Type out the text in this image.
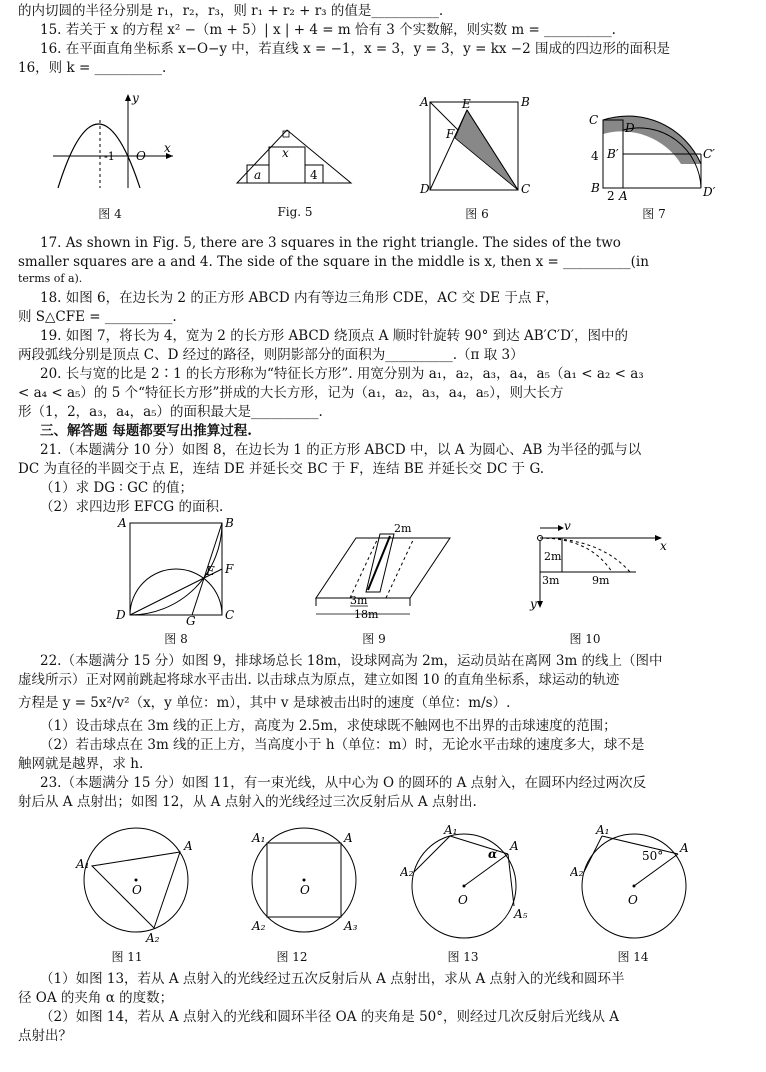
的内切圆的半径分别是 r₁，r₂，r₃，则 r₁ + r₂ + r₃ 的值是__________.
15. 若关于 x 的方程 x² −（m + 5）| x | + 4 = m 恰有 3 个实数解，则实数 m = __________.
16. 在平面直角坐标系 x−O−y 中，若直线 x = −1，x = 3，y = 3，y = kx −2 围成的四边形的面积是
16，则 k = __________.
y
x
-1 O
图 4
x
a	4
Fig. 5
A	B
C
D
E
F
图 6
C
D
B′	C′
D′
B
A
4
2
图 7
17. As shown in Fig. 5, there are 3 squares in the right triangle. The sides of the two
smaller squares are a and 4. The side of the square in the middle is x, then x = __________(in
terms of a).
18. 如图 6，在边长为 2 的正方形 ABCD 内有等边三角形 CDE，AC 交 DE 于点 F，
则 S△CFE = __________.
19. 如图 7，将长为 4，宽为 2 的长方形 ABCD 绕顶点 A 顺时针旋转 90° 到达 AB′C′D′，图中的
两段弧线分别是顶点 C、D 经过的路径，则阴影部分的面积为__________.（π 取 3）
20. 长与宽的比是 2∶1 的长方形称为“特征长方形”. 用宽分别为 a₁，a₂，a₃，a₄，a₅（a₁ < a₂ < a₃
< a₄ < a₅）的 5 个“特征长方形”拼成的大长方形，记为（a₁，a₂，a₃，a₄，a₅），则大长方
形（1，2，a₃，a₄，a₅）的面积最大是__________.
三、解答题 每题都要写出推算过程.
21.（本题满分 10 分）如图 8，在边长为 1 的正方形 ABCD 中，以 A 为圆心、AB 为半径的弧与以
DC 为直径的半圆交于点 E，连结 DE 并延长交 BC 于 F，连结 BE 并延长交 DC 于 G.
（1）求 DG ∶ GC 的值；
（2）求四边形 EFCG 的面积.
A	B
C
D
E F
G
图 8
3m
18m
2m
图 9
2m
3m	9m
v
x
y
图 10
22.（本题满分 15 分）如图 9，排球场总长 18m，设球网高为 2m，运动员站在离网 3m 的线上（图中
虚线所示）正对网前跳起将球水平击出. 以击球点为原点，建立如图 10 的直角坐标系，球运动的轨迹
方程是 y = 5x²/v²（x，y 单位：m），其中 v 是球被击出时的速度（单位：m/s）.
（1）设击球点在 3m 线的正上方，高度为 2.5m，求使球既不触网也不出界的击球速度的范围；
（2）若击球点在 3m 线的正上方，当高度小于 h（单位：m）时，无论水平击球的速度多大，球不是
触网就是越界，求 h.
23.（本题满分 15 分）如图 11，有一束光线，从中心为 O 的圆环的 A 点射入，在圆环内经过两次反
射后从 A 点射出；如图 12，从 A 点射入的光线经过三次反射后从 A 点射出.
A
A₁
A₂
O
图 11
A
A₁
A₂	A₃
O
图 12
A
A₁
A₂
A₅
O
α
图 13
A
A₁
A₂
O
50°
图 14
（1）如图 13，若从 A 点射入的光线经过五次反射后从 A 点射出，求从 A 点射入的光线和圆环半
径 OA 的夹角 α 的度数；
（2）如图 14，若从 A 点射入的光线和圆环半径 OA 的夹角是 50°，则经过几次反射后光线从 A
点射出？
